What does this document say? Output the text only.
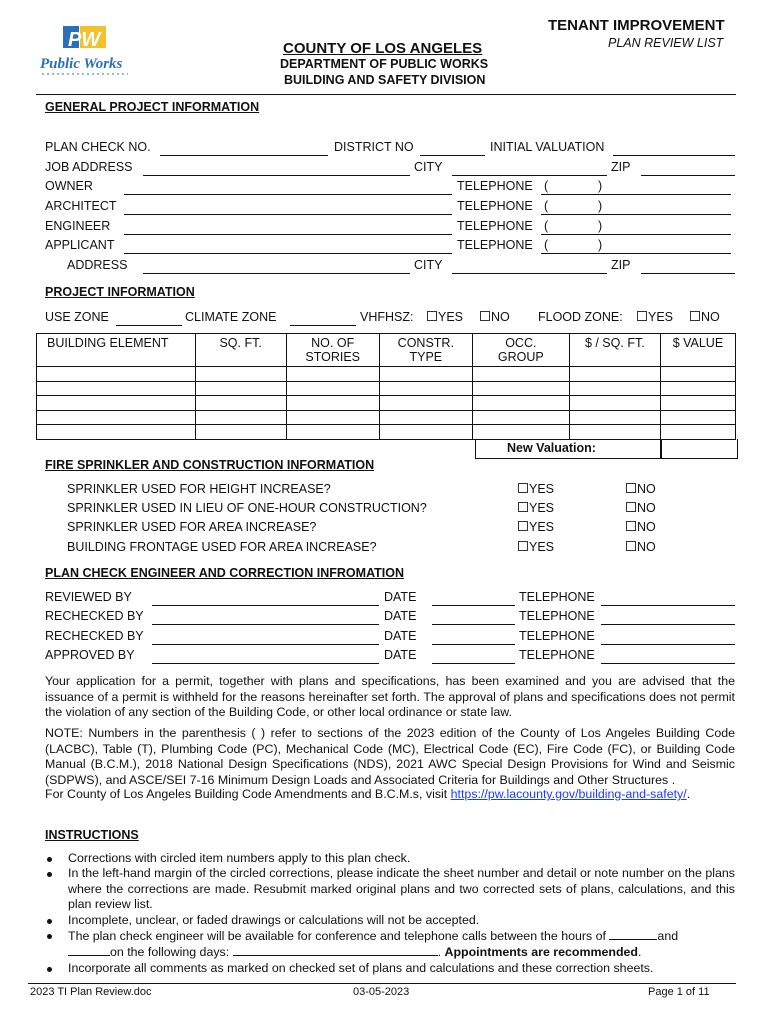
PW
Public Works
COUNTY OF LOS ANGELES
DEPARTMENT OF PUBLIC WORKS
BUILDING AND SAFETY DIVISION
TENANT IMPROVEMENT
PLAN REVIEW LIST
GENERAL PROJECT INFORMATION
PLAN CHECK NO.	DISTRICT NO	INITIAL VALUATION
JOB ADDRESS	CITY	ZIP
OWNER	TELEPHONE (	)
ARCHITECT	TELEPHONE (	)
ENGINEER	TELEPHONE (	)
APPLICANT	TELEPHONE (	)
ADDRESS	CITY	ZIP
PROJECT INFORMATION
USE ZONE	CLIMATE ZONE	VHFHSZ:	YES	NO FLOOD ZONE:	YES	NO
BUILDING ELEMENT	SQ. FT.	NO. OF STORIES	CONSTR. TYPE	OCC. GROUP	$ / SQ. FT.	$ VALUE

New Valuation:
FIRE SPRINKLER AND CONSTRUCTION INFORMATION
SPRINKLER USED FOR HEIGHT INCREASE?	YES	NO
SPRINKLER USED IN LIEU OF ONE-HOUR CONSTRUCTION?	YES	NO
SPRINKLER USED FOR AREA INCREASE?	YES	NO
BUILDING FRONTAGE USED FOR AREA INCREASE?	YES	NO
PLAN CHECK ENGINEER AND CORRECTION INFROMATION
REVIEWED BY	DATE	TELEPHONE
RECHECKED BY	DATE	TELEPHONE
RECHECKED BY	DATE	TELEPHONE
APPROVED BY	DATE	TELEPHONE
Your application for a permit, together with plans and specifications, has been examined and you are advised that the issuance of a permit is withheld for the reasons hereinafter set forth. The approval of plans and specifications does not permit the violation of any section of the Building Code, or other local ordinance or state law.
NOTE: Numbers in the parenthesis ( ) refer to sections of the 2023 edition of the County of Los Angeles Building Code (LACBC), Table (T), Plumbing Code (PC), Mechanical Code (MC), Electrical Code (EC), Fire Code (FC), or Building Code Manual (B.C.M.), 2018 National Design Specifications (NDS), 2021 AWC Special Design Provisions for Wind and Seismic (SDPWS), and ASCE/SEI 7-16 Minimum Design Loads and Associated Criteria for Buildings and Other Structures .
For County of Los Angeles Building Code Amendments and B.C.M.s, visit https://pw.lacounty.gov/building-and-safety/.
INSTRUCTIONS
Corrections with circled item numbers apply to this plan check.
In the left-hand margin of the circled corrections, please indicate the sheet number and detail or note number on the plans where the corrections are made. Resubmit marked original plans and two corrected sets of plans, calculations, and this plan review list.
Incomplete, unclear, or faded drawings or calculations will not be accepted.
The plan check engineer will be available for conference and telephone calls between the hours of	and
on the following days:	. Appointments are recommended.
Incorporate all comments as marked on checked set of plans and calculations and these correction sheets.
2023 TI Plan Review.doc	03-05-2023	Page 1 of 11
